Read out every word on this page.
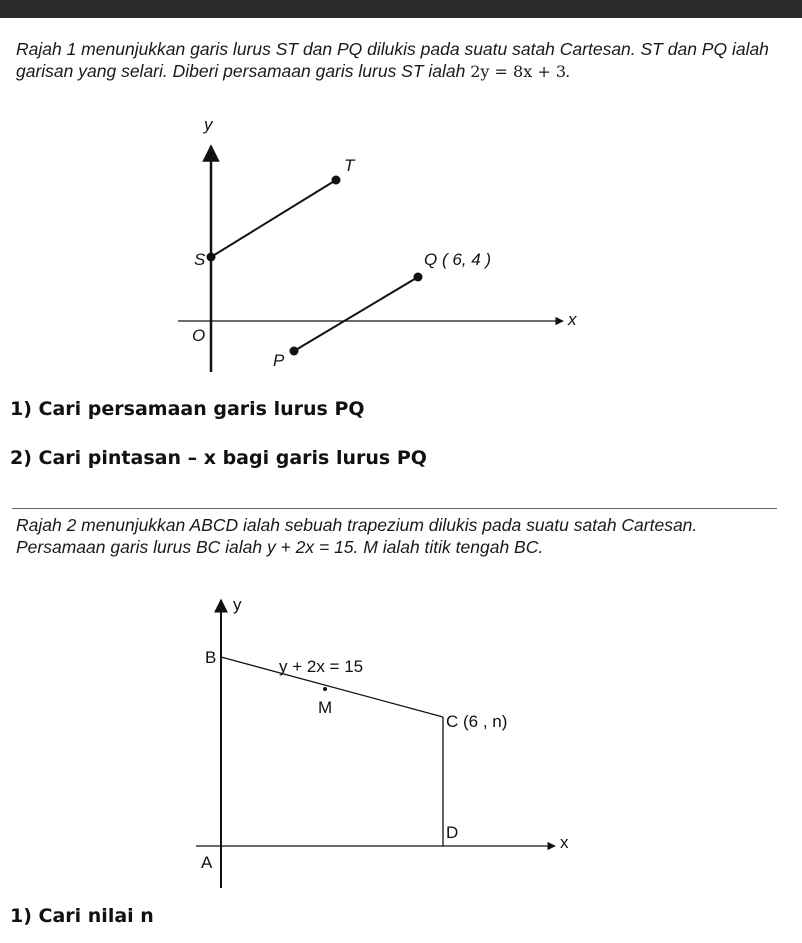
Rajah 1 menunjukkan garis lurus ST dan PQ dilukis pada suatu satah Cartesan. ST dan PQ ialah garisan yang selari. Diberi persamaan garis lurus ST ialah 2y = 8x + 3.

y
x
O
S
T
Q ( 6, 4 )
P
y
x
B	y + 2x = 15
M
C (6 , n)
D
A
1) Cari persamaan garis lurus PQ
2) Cari pintasan – x bagi garis lurus PQ

Rajah 2 menunjukkan ABCD ialah sebuah trapezium dilukis pada suatu satah Cartesan. Persamaan garis lurus BC ialah y + 2x = 15. M ialah titik tengah BC.

1) Cari nilai n
